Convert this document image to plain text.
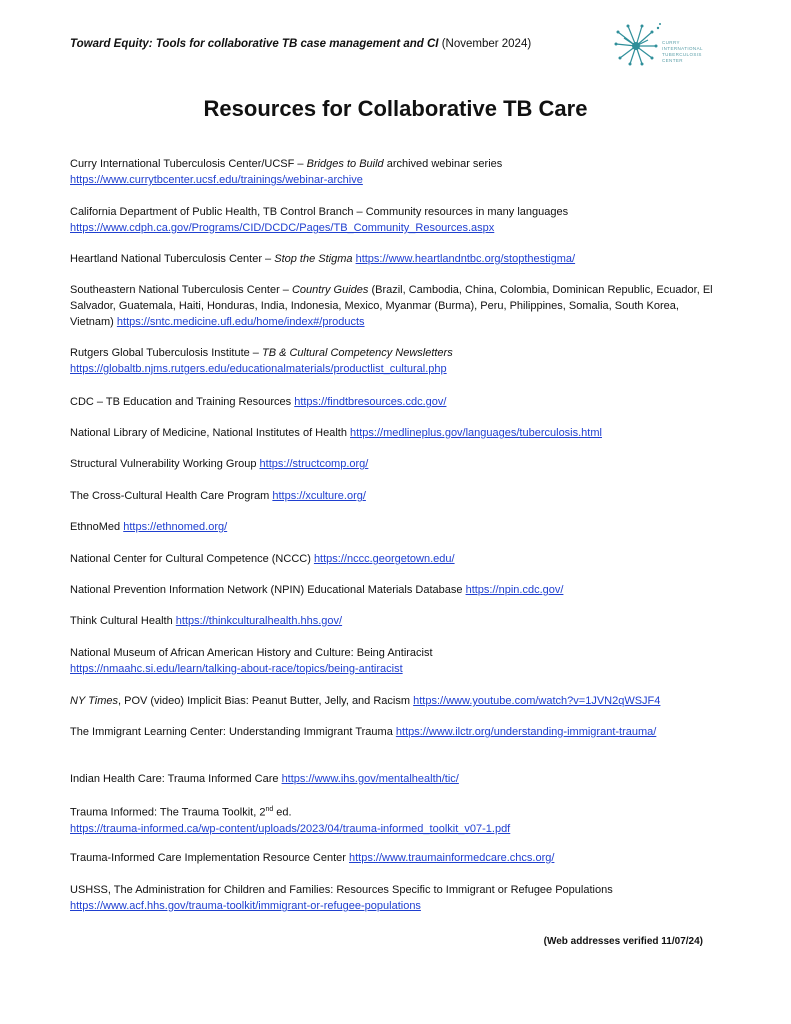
Toward Equity: Tools for collaborative TB case management and CI (November 2024)	CURRY
INTERNATIONAL
TUBERCULOSIS
CENTER
Resources for Collaborative TB Care
Curry International Tuberculosis Center/UCSF – Bridges to Build archived webinar series
https://www.currytbcenter.ucsf.edu/trainings/webinar-archive
California Department of Public Health, TB Control Branch – Community resources in many languages
https://www.cdph.ca.gov/Programs/CID/DCDC/Pages/TB_Community_Resources.aspx
Heartland National Tuberculosis Center – Stop the Stigma https://www.heartlandntbc.org/stopthestigma/
Southeastern National Tuberculosis Center – Country Guides (Brazil, Cambodia, China, Colombia, Dominican Republic, Ecuador, El Salvador, Guatemala, Haiti, Honduras, India, Indonesia, Mexico, Myanmar (Burma), Peru, Philippines, Somalia, South Korea, Vietnam) https://sntc.medicine.ufl.edu/home/index#/products
Rutgers Global Tuberculosis Institute – TB & Cultural Competency Newsletters
https://globaltb.njms.rutgers.edu/educationalmaterials/productlist_cultural.php
CDC – TB Education and Training Resources https://findtbresources.cdc.gov/
National Library of Medicine, National Institutes of Health https://medlineplus.gov/languages/tuberculosis.html
Structural Vulnerability Working Group https://structcomp.org/
The Cross-Cultural Health Care Program https://xculture.org/
EthnoMed https://ethnomed.org/
National Center for Cultural Competence (NCCC) https://nccc.georgetown.edu/
National Prevention Information Network (NPIN) Educational Materials Database https://npin.cdc.gov/
Think Cultural Health https://thinkculturalhealth.hhs.gov/
National Museum of African American History and Culture: Being Antiracist
https://nmaahc.si.edu/learn/talking-about-race/topics/being-antiracist
NY Times, POV (video) Implicit Bias: Peanut Butter, Jelly, and Racism https://www.youtube.com/watch?v=1JVN2qWSJF4
The Immigrant Learning Center: Understanding Immigrant Trauma https://www.ilctr.org/understanding-immigrant-trauma/
Indian Health Care: Trauma Informed Care https://www.ihs.gov/mentalhealth/tic/
Trauma Informed: The Trauma Toolkit, 2nd ed.
https://trauma-informed.ca/wp-content/uploads/2023/04/trauma-informed_toolkit_v07-1.pdf
Trauma-Informed Care Implementation Resource Center https://www.traumainformedcare.chcs.org/
USHSS, The Administration for Children and Families: Resources Specific to Immigrant or Refugee Populations
https://www.acf.hhs.gov/trauma-toolkit/immigrant-or-refugee-populations
(Web addresses verified 11/07/24)
